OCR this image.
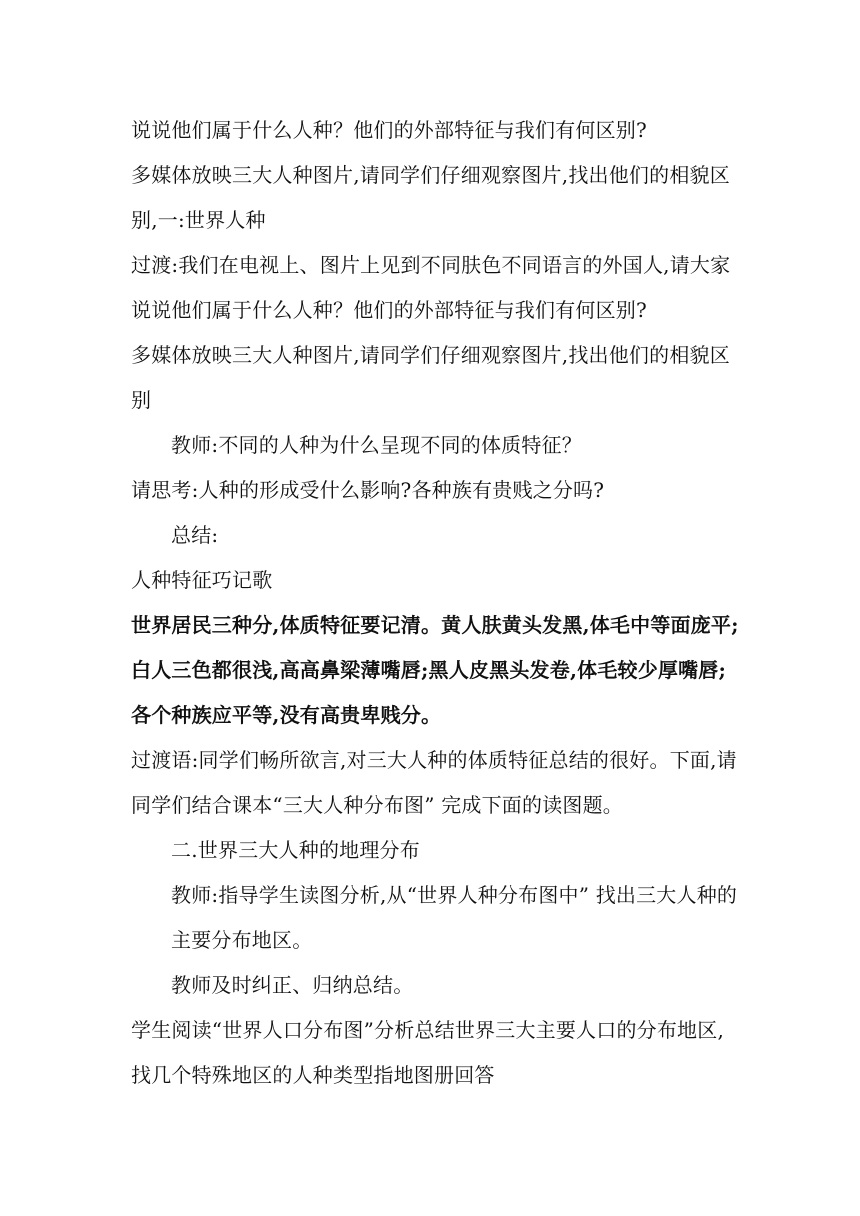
说说他们属于什么人种？他们的外部特征与我们有何区别?

多媒体放映三大人种图片,请同学们仔细观察图片,找出他们的相貌区别,一:世界人种

过渡:我们在电视上、图片上见到不同肤色不同语言的外国人,请大家说说他们属于什么人种？他们的外部特征与我们有何区别?

多媒体放映三大人种图片,请同学们仔细观察图片,找出他们的相貌区别

教师:不同的人种为什么呈现不同的体质特征？

请思考:人种的形成受什么影响?各种族有贵贱之分吗?

总结:

人种特征巧记歌

世界居民三种分,体质特征要记清。黄人肤黄头发黑,体毛中等面庞平;白人三色都很浅,高高鼻梁薄嘴唇;黑人皮黑头发卷,体毛较少厚嘴唇;各个种族应平等,没有高贵卑贱分。

过渡语:同学们畅所欲言,对三大人种的体质特征总结的很好。下面,请同学们结合课本“三大人种分布图” 完成下面的读图题。

二.世界三大人种的地理分布

教师:指导学生读图分析,从“世界人种分布图中” 找出三大人种的主要分布地区。

教师及时纠正、归纳总结。

学生阅读“世界人口分布图”分析总结世界三大主要人口的分布地区,找几个特殊地区的人种类型指地图册回答
